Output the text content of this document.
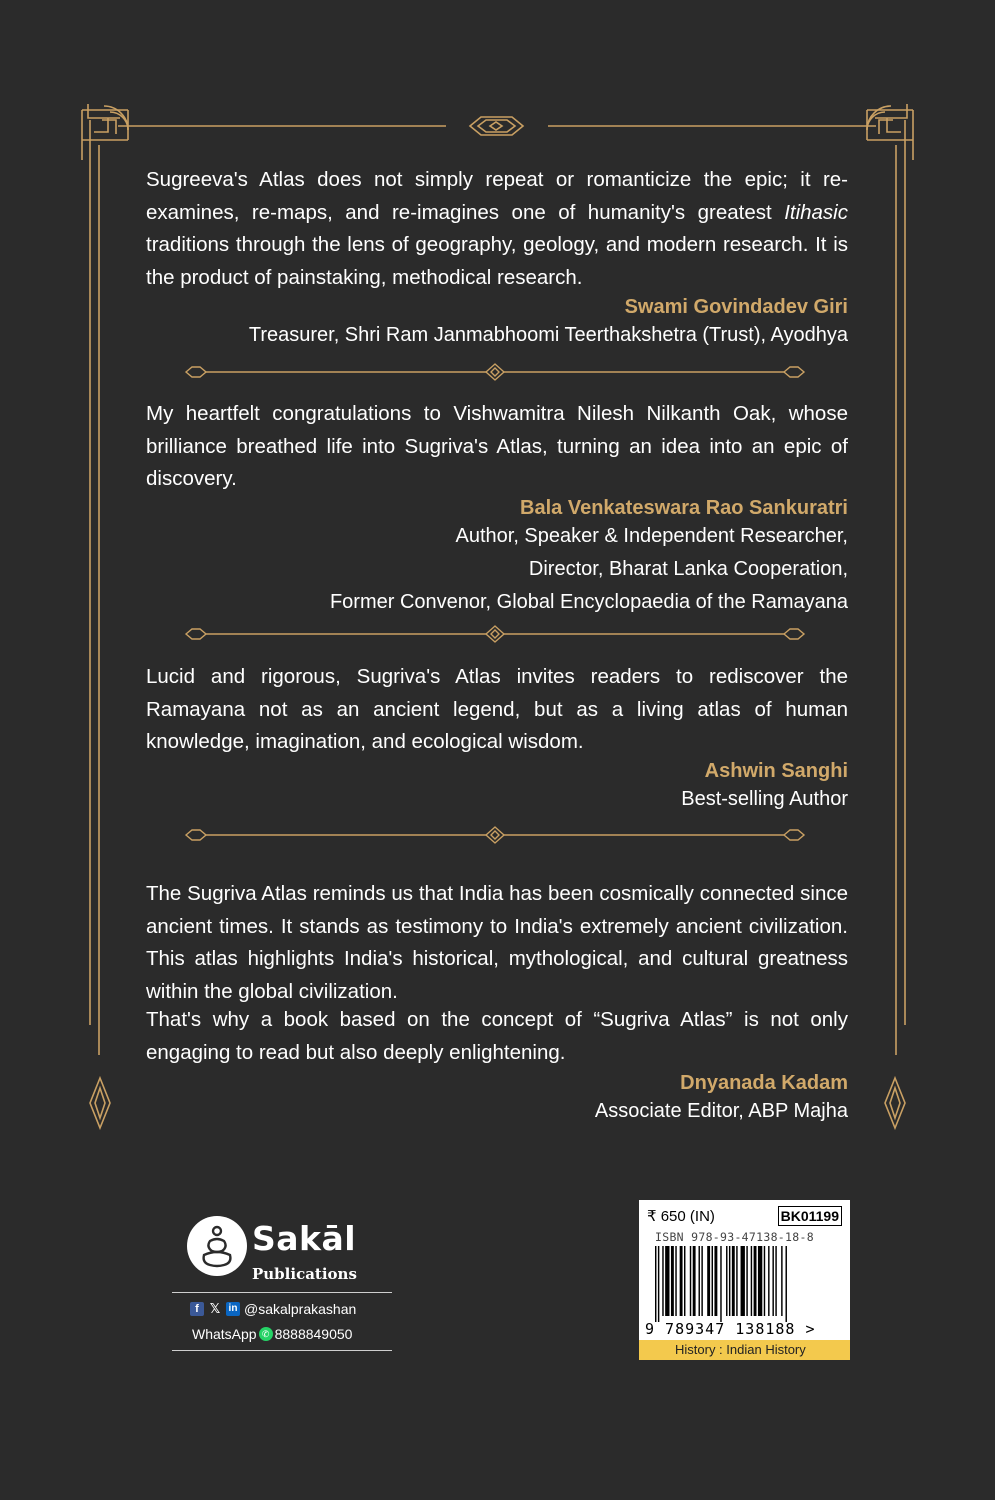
Sugreeva's Atlas does not simply repeat or romanticize the epic; it re-examines, re-maps, and re-imagines one of humanity's greatest Itihasic traditions through the lens of geography, geology, and modern research. It is the product of painstaking, methodical research.

Swami Govindadev Giri
Treasurer, Shri Ram Janmabhoomi Teerthakshetra (Trust), Ayodhya

My heartfelt congratulations to Vishwamitra Nilesh Nilkanth Oak, whose brilliance breathed life into Sugriva's Atlas, turning an idea into an epic of discovery.

Bala Venkateswara Rao Sankuratri
Author, Speaker & Independent Researcher,
Director, Bharat Lanka Cooperation,
Former Convenor, Global Encyclopaedia of the Ramayana

Lucid and rigorous, Sugriva's Atlas invites readers to rediscover the Ramayana not as an ancient legend, but as a living atlas of human knowledge, imagination, and ecological wisdom.

Ashwin Sanghi
Best-selling Author

The Sugriva Atlas reminds us that India has been cosmically connected since ancient times. It stands as testimony to India's extremely ancient civilization. This atlas highlights India's historical, mythological, and cultural greatness within the global civilization.

That's why a book based on the concept of “Sugriva Atlas” is not only engaging to read but also deeply enlightening.

Dnyanada Kadam
Associate Editor, ABP Majha
Sakāl
Publications
f 𝕏 in @sakalprakashan
WhatsApp ✆ 8888849050
₹ 650 (IN)	BK01199
ISBN 978-93-47138-18-8
9 789347 138188 >
History : Indian History
